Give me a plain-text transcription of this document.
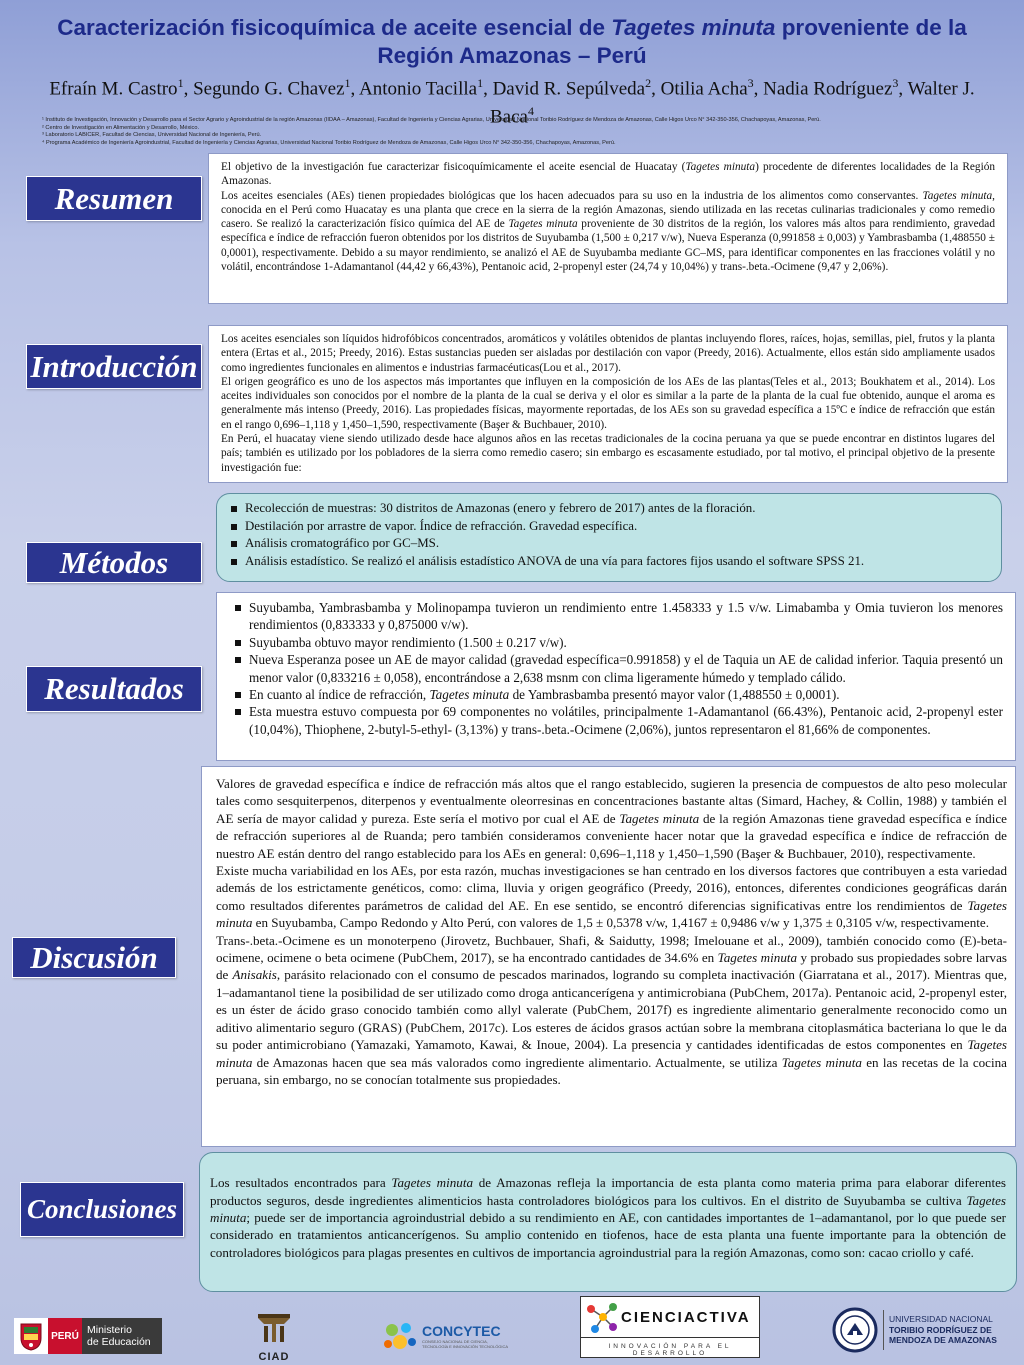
Caracterización fisicoquímica de aceite esencial de Tagetes minuta proveniente de la Región Amazonas – Perú
Efraín M. Castro$^1$, Segundo G. Chavez$^1$, Antonio Tacilla$^1$, David R. Sepúlveda$^2$, Otilia Acha$^3$, Nadia Rodríguez$^3$, Walter J. Baca$^4$
¹ Instituto de Investigación, Innovación y Desarrollo para el Sector Agrario y Agroindustrial de la región Amazonas (IIDAA – Amazonas), Facultad de Ingeniería y Ciencias Agrarias, Universidad Nacional Toribio Rodríguez de Mendoza de Amazonas, Calle Higos Urco N° 342-350-356, Chachapoyas, Amazonas, Perú.
² Centro de Investigación en Alimentación y Desarrollo, México.
³ Laboratorio LABICER, Facultad de Ciencias, Universidad Nacional de Ingeniería, Perú.
⁴ Programa Académico de Ingeniería Agroindustrial, Facultad de Ingeniería y Ciencias Agrarias, Universidad Nacional Toribio Rodríguez de Mendoza de Amazonas, Calle Higos Urco N° 342-350-356, Chachapoyas, Amazonas, Perú.
Resumen

El objetivo de la investigación fue caracterizar fisicoquímicamente el aceite esencial de Huacatay (Tagetes minuta) procedente de diferentes localidades de la Región Amazonas.

Los aceites esenciales (AEs) tienen propiedades biológicas que los hacen adecuados para su uso en la industria de los alimentos como conservantes. Tagetes minuta, conocida en el Perú como Huacatay es una planta que crece en la sierra de la región Amazonas, siendo utilizada en las recetas culinarias tradicionales y como remedio casero. Se realizó la caracterización físico química del AE de Tagetes minuta proveniente de 30 distritos de la región, los valores más altos para rendimiento, gravedad específica e índice de refracción fueron obtenidos por los distritos de Suyubamba (1,500 ± 0,217 v/w), Nueva Esperanza (0,991858 ± 0,003) y Yambrasbamba (1,488550 ± 0,0001), respectivamente. Debido a su mayor rendimiento, se analizó el AE de Suyubamba mediante GC–MS, para identificar componentes en las fracciones volátil y no volátil, encontrándose 1-Adamantanol (44,42 y 66,43%), Pentanoic acid, 2-propenyl ester (24,74 y 10,04%) y trans-.beta.-Ocimene (9,47 y 2,06%).

Introducción

Los aceites esenciales son líquidos hidrofóbicos concentrados, aromáticos y volátiles obtenidos de plantas incluyendo flores, raíces, hojas, semillas, piel, frutos y la planta entera (Ertas et al., 2015; Preedy, 2016). Estas sustancias pueden ser aisladas por destilación con vapor (Preedy, 2016). Actualmente, ellos están sido ampliamente usados como ingredientes funcionales en alimentos e industrias farmacéuticas(Lou et al., 2017).

El origen geográfico es uno de los aspectos más importantes que influyen en la composición de los AEs de las plantas(Teles et al., 2013; Boukhatem et al., 2014). Los aceites individuales son conocidos por el nombre de la planta de la cual se deriva y el olor es similar a la parte de la planta de la cual fue obtenido, aunque el aroma es generalmente más intenso (Preedy, 2016). Las propiedades físicas, mayormente reportadas, de los AEs son su gravedad específica a 15ºC e índice de refracción que están en el rango 0,696–1,118 y 1,450–1,590, respectivamente (Başer & Buchbauer, 2010).

En Perú, el huacatay viene siendo utilizado desde hace algunos años en las recetas tradicionales de la cocina peruana ya que se puede encontrar en distintos lugares del país; también es utilizado por los pobladores de la sierra como remedio casero; sin embargo es escasamente estudiado, por tal motivo, el principal objetivo de la presente investigación fue:

Métodos
Recolección de muestras: 30 distritos de Amazonas (enero y febrero de 2017) antes de la floración.
Destilación por arrastre de vapor. Índice de refracción. Gravedad específica.
Análisis cromatográfico por GC–MS.
Análisis estadístico. Se realizó el análisis estadístico ANOVA de una vía para factores fijos usando el software SPSS 21.
Resultados
Suyubamba, Yambrasbamba y Molinopampa tuvieron un rendimiento entre 1.458333 y 1.5 v/w. Limabamba y Omia tuvieron los menores rendimientos (0,833333 y 0,875000 v/w).
Suyubamba obtuvo mayor rendimiento (1.500 ± 0.217 v/w).
Nueva Esperanza posee un AE de mayor calidad (gravedad específica=0.991858) y el de Taquia un AE de calidad inferior. Taquia presentó un menor valor (0,833216 ± 0,058), encontrándose a 2,638 msnm con clima ligeramente húmedo y templado cálido.
En cuanto al índice de refracción, Tagetes minuta de Yambrasbamba presentó mayor valor (1,488550 ± 0,0001).
Esta muestra estuvo compuesta por 69 componentes no volátiles, principalmente 1-Adamantanol (66.43%), Pentanoic acid, 2-propenyl ester (10,04%), Thiophene, 2-butyl-5-ethyl- (3,13%) y trans-.beta.-Ocimene (2,06%), juntos representaron el 81,66% de componentes.
Discusión

Valores de gravedad específica e índice de refracción más altos que el rango establecido, sugieren la presencia de compuestos de alto peso molecular tales como sesquiterpenos, diterpenos y eventualmente oleorresinas en concentraciones bastante altas (Simard, Hachey, & Collin, 1988) y también el AE sería de mayor calidad y pureza. Este sería el motivo por cual el AE de Tagetes minuta de la región Amazonas tiene gravedad específica e índice de refracción superiores al de Ruanda; pero también consideramos conveniente hacer notar que la gravedad específica e índice de refracción de nuestro AE están dentro del rango establecido para los AEs en general: 0,696–1,118 y 1,450–1,590 (Başer & Buchbauer, 2010), respectivamente.

Existe mucha variabilidad en los AEs, por esta razón, muchas investigaciones se han centrado en los diversos factores que contribuyen a esta variedad además de los estrictamente genéticos, como: clima, lluvia y origen geográfico (Preedy, 2016), entonces, diferentes condiciones geográficas darán como resultados diferentes parámetros de calidad del AE. En ese sentido, se encontró diferencias significativas entre los rendimientos de Tagetes minuta en Suyubamba, Campo Redondo y Alto Perú, con valores de 1,5 ± 0,5378 v/w, 1,4167 ± 0,9486 v/w y 1,375 ± 0,3105 v/w, respectivamente.

Trans-.beta.-Ocimene es un monoterpeno (Jirovetz, Buchbauer, Shafi, & Saidutty, 1998; Imelouane et al., 2009), también conocido como (E)-beta-ocimene, ocimene o beta ocimene (PubChem, 2017), se ha encontrado cantidades de 34.6% en Tagetes minuta y probado sus propiedades sobre larvas de Anisakis, parásito relacionado con el consumo de pescados marinados, logrando su completa inactivación (Giarratana et al., 2017). Mientras que, 1–adamantanol tiene la posibilidad de ser utilizado como droga anticancerígena y antimicrobiana (PubChem, 2017a). Pentanoic acid, 2-propenyl ester, es un éster de ácido graso conocido también como allyl valerate (PubChem, 2017f) es ingrediente alimentario generalmente reconocido como un aditivo alimentario seguro (GRAS) (PubChem, 2017c). Los esteres de ácidos grasos actúan sobre la membrana citoplasmática bacteriana lo que le da su poder antimicrobiano (Yamazaki, Yamamoto, Kawai, & Inoue, 2004). La presencia y cantidades identificadas de estos componentes en Tagetes minuta de Amazonas hacen que sea más valorados como ingrediente alimentario. Actualmente, se utiliza Tagetes minuta en las recetas de la cocina peruana, sin embargo, no se conocían totalmente sus propiedades.

Conclusiones

Los resultados encontrados para Tagetes minuta de Amazonas refleja la importancia de esta planta como materia prima para elaborar diferentes productos seguros, desde ingredientes alimenticios hasta controladores biológicos para los cultivos. En el distrito de Suyubamba se cultiva Tagetes minuta; puede ser de importancia agroindustrial debido a su rendimiento en AE, con cantidades importantes de 1–adamantanol, por lo que puede ser considerado en tratamientos anticancerígenos. Su amplio contenido en tiofenos, hace de esta planta una fuente importante para la obtención de controladores biológicos para plagas presentes en cultivos de importancia agroindustrial para la región Amazonas, como son: cacao criollo y café.

PERÚ Ministerio
de Educación
CIAD
CONCYTEC
CONSEJO NACIONAL DE CIENCIA,
TECNOLOGÍA E INNOVACIÓN TECNOLÓGICA
CIENCIACTIVA
INNOVACIÓN PARA EL DESARROLLO
UNIVERSIDAD NACIONAL
TORIBIO RODRÍGUEZ DE
MENDOZA DE AMAZONAS
